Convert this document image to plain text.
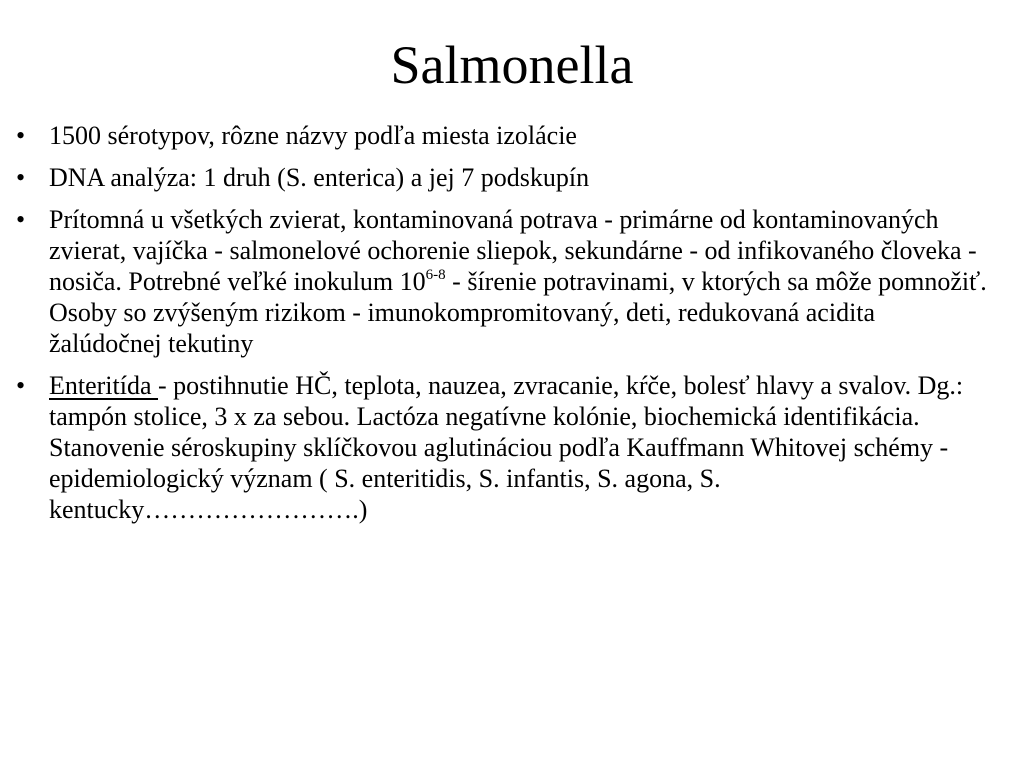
Salmonella
• 1500 sérotypov, rôzne názvy podľa miesta izolácie
• DNA analýza: 1 druh (S. enterica) a jej 7 podskupín
• Prítomná u všetkých zvierat, kontaminovaná potrava - primárne od kontaminovaných zvierat, vajíčka - salmonelové ochorenie sliepok, sekundárne - od infikovaného človeka - nosiča. Potrebné veľké inokulum 10$^{6-8}$ - šírenie potravinami, v ktorých sa môže pomnožiť. Osoby so zvýšeným rizikom - imunokompromitovaný, deti, redukovaná acidita žalúdočnej tekutiny
• Enteritída - postihnutie HČ, teplota, nauzea, zvracanie, kŕče, bolesť hlavy a svalov. Dg.: tampón stolice, 3 x za sebou. Lactóza negatívne kolónie, biochemická identifikácia. Stanovenie séroskupiny sklíčkovou aglutináciou podľa Kauffmann Whitovej schémy - epidemiologický význam ( S. enteritidis, S. infantis, S. agona, S. kentucky…………………….)
